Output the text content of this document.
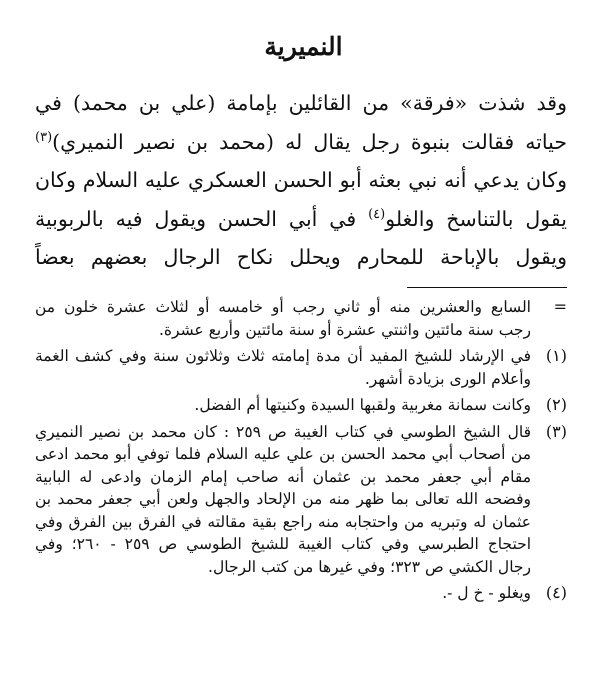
النميرية
وقد شذت «فرقة» من القائلين بإمامة (علي بن محمد) في
حياته فقالت بنبوة رجل يقال له (محمد بن نصير النميري)$^{(٣)}$
وكان يدعي أنه نبي بعثه أبو الحسن العسكري عليه السلام وكان
يقول بالتناسخ والغلو$^{(٤)}$ في أبي الحسن ويقول فيه بالربوبية
ويقول بالإباحة للمحارم ويحلل نكاح الرجال بعضهم بعضاً
=
السابع والعشرين منه أو ثاني رجب أو خامسه أو لثلاث عشرة خلون من
رجب سنة مائتين واثنتي عشرة أو سنة مائتين وأربع عشرة.
(١)
في الإرشاد للشيخ المفيد أن مدة إمامته ثلاث وثلاثون سنة وفي كشف الغمة
وأعلام الورى بزيادة أشهر.
(٢)
وكانت سمانة مغربية ولقبها السيدة وكنيتها أم الفضل.
(٣)
قال الشيخ الطوسي في كتاب الغيبة ص ٢٥٩ : كان محمد بن نصير النميري
من أصحاب أبي محمد الحسن بن علي عليه السلام فلما توفي أبو محمد ادعى
مقام أبي جعفر محمد بن عثمان أنه صاحب إمام الزمان وادعى له البابية
وفضحه الله تعالى بما ظهر منه من الإلحاد والجهل ولعن أبي جعفر محمد بن
عثمان له وتبريه من واحتجابه منه راجع بقية مقالته في الفرق بين الفرق وفي
احتجاج الطبرسي وفي كتاب الغيبة للشيخ الطوسي ص ٢٥٩ - ٢٦٠؛ وفي
رجال الكشي ص ٣٢٣؛ وفي غيرها من كتب الرجال.
(٤)
ويغلو - خ ل -.
